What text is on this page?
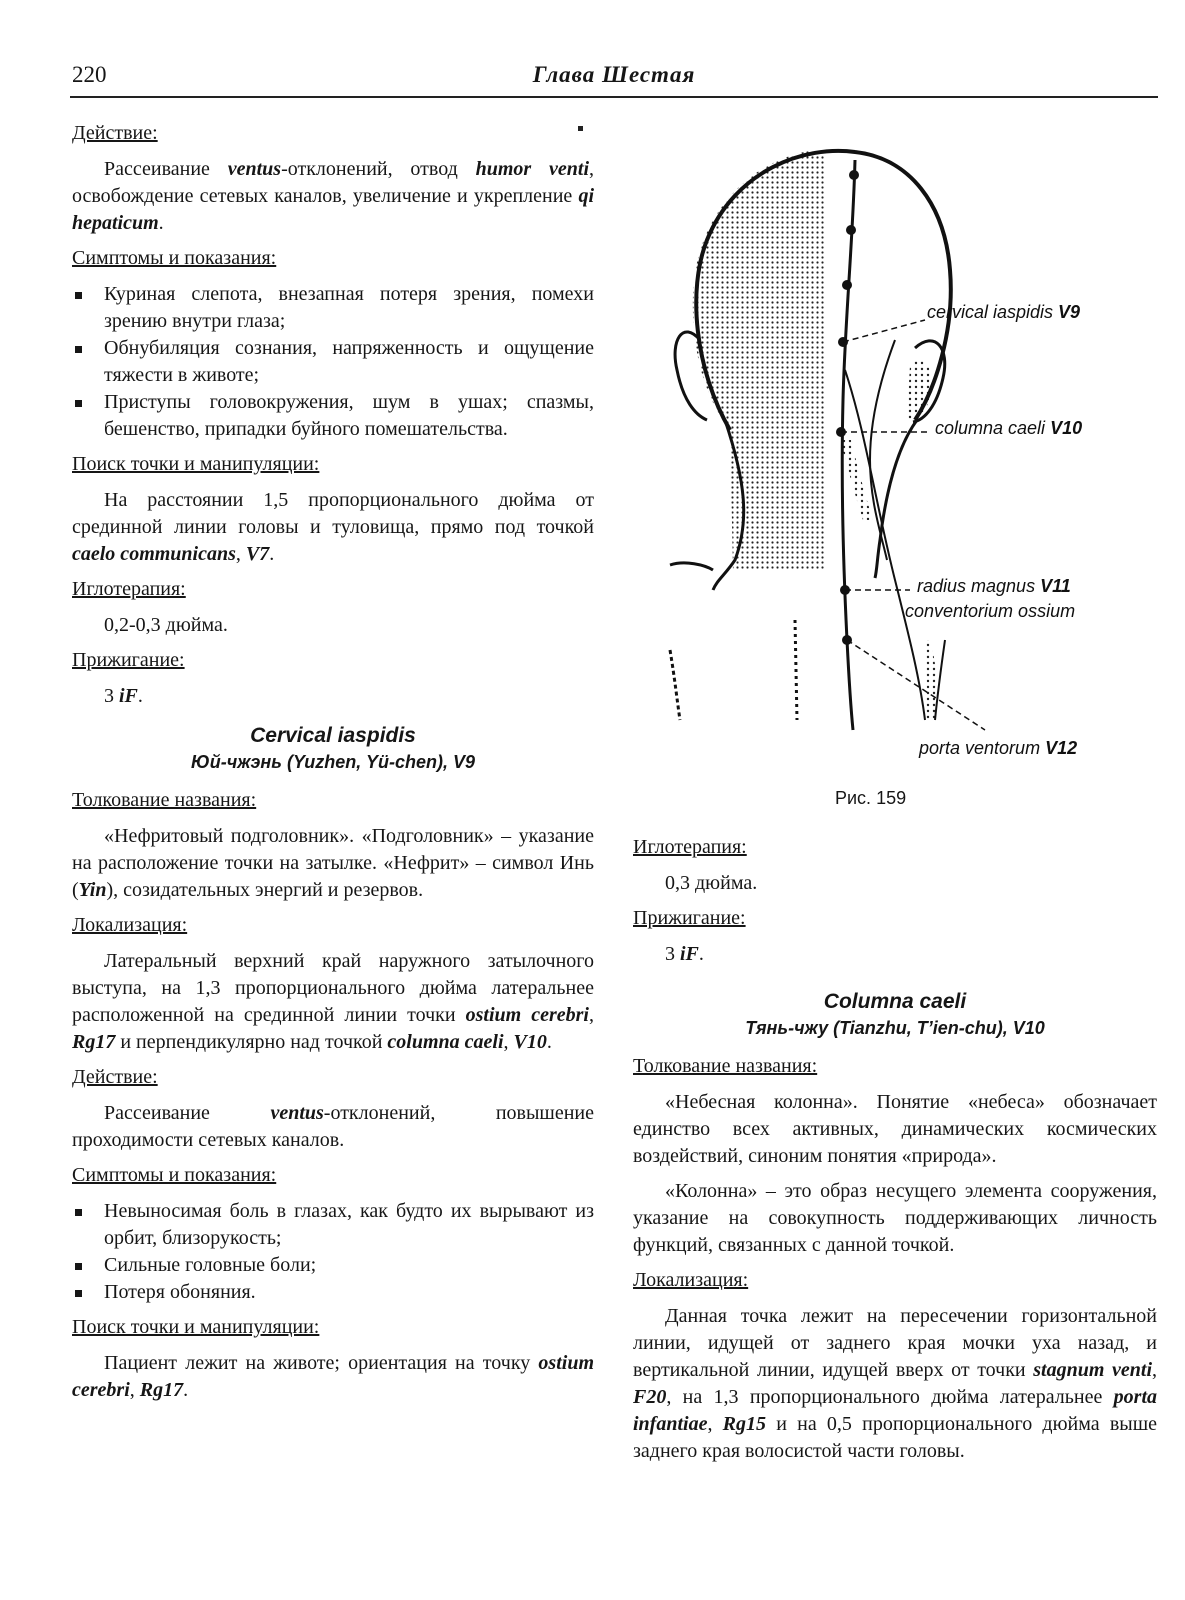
220	Глава Шестая
Действие:
Рассеивание ventus-отклонений, отвод humor venti, освобождение сетевых каналов, увеличение и укрепление qi hepaticum.
Симптомы и показания:
Куриная слепота, внезапная потеря зрения, помехи зрению внутри глаза;
Обнубиляция сознания, напряженность и ощущение тяжести в животе;
Приступы головокружения, шум в ушах; спазмы, бешенство, припадки буйного помешательства.
Поиск точки и манипуляции:
На расстоянии 1,5 пропорционального дюйма от срединной линии головы и туловища, прямо под точкой caelo communicans, V7.
Иглотерапия:
0,2-0,3 дюйма.
Прижигание:
3 iF.
Cervical iaspidis
Юй-чжэнь (Yuzhen, Yü-chen), V9
Толкование названия:
«Нефритовый подголовник». «Подголовник» – указание на расположение точки на затылке. «Нефрит» – символ Инь (Yin), созидательных энергий и резервов.
Локализация:
Латеральный верхний край наружного затылочного выступа, на 1,3 пропорционального дюйма латеральнее расположенной на срединной линии точки ostium cerebri, Rg17 и перпендикулярно над точкой columna caeli, V10.
Действие:
Рассеивание ventus-отклонений, повышение проходимости сетевых каналов.
Симптомы и показания:
Невыносимая боль в глазах, как будто их вырывают из орбит, близорукость;
Сильные головные боли;
Потеря обоняния.
Поиск точки и манипуляции:
Пациент лежит на животе; ориентация на точку ostium cerebri, Rg17.
cervical iaspidis V9
columna caeli V10
radius magnus V11
conventorium ossium
porta ventorum V12
Рис. 159
Иглотерапия:
0,3 дюйма.
Прижигание:
3 iF.
Columna caeli
Тянь-чжу (Tianzhu, T’ien-chu), V10
Толкование названия:
«Небесная колонна». Понятие «небеса» обозначает единство всех активных, динамических космических воздействий, синоним понятия «природа».
«Колонна» – это образ несущего элемента сооружения, указание на совокупность поддерживающих личность функций, связанных с данной точкой.
Локализация:
Данная точка лежит на пересечении горизонтальной линии, идущей от заднего края мочки уха назад, и вертикальной линии, идущей вверх от точки stagnum venti, F20, на 1,3 пропорционального дюйма латеральнее porta infantiae, Rg15 и на 0,5 пропорционального дюйма выше заднего края волосистой части головы.
